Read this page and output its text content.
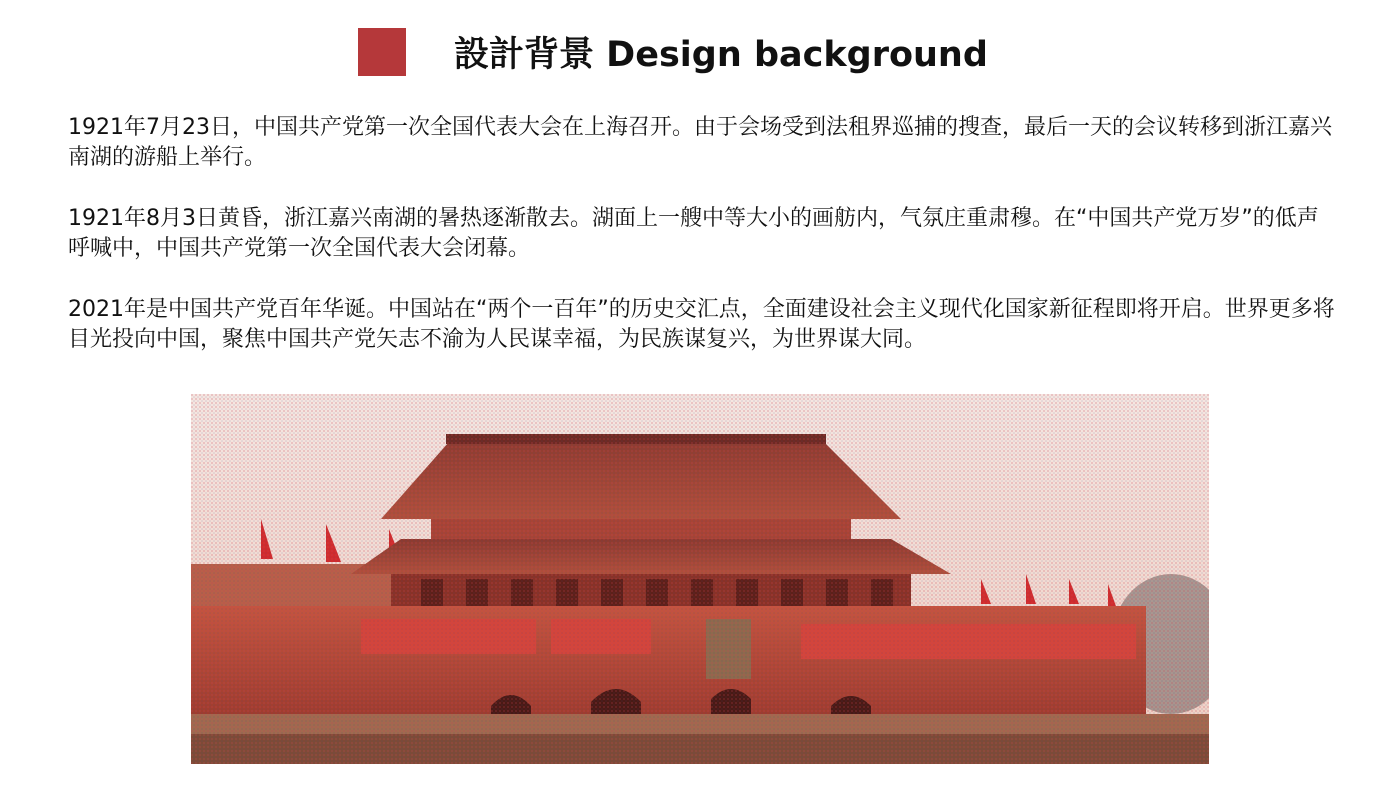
設計背景 Design background

1921年7月23日，中国共产党第一次全国代表大会在上海召开。由于会场受到法租界巡捕的搜查，最后一天的会议转移到浙江嘉兴南湖的游船上举行。

1921年8月3日黄昏，浙江嘉兴南湖的暑热逐渐散去。湖面上一艘中等大小的画舫内，气氛庄重肃穆。在“中国共产党万岁”的低声呼喊中，中国共产党第一次全国代表大会闭幕。

2021年是中国共产党百年华诞。中国站在“两个一百年”的历史交汇点，全面建设社会主义现代化国家新征程即将开启。世界更多将目光投向中国，聚焦中国共产党矢志不渝为人民谋幸福，为民族谋复兴，为世界谋大同。
